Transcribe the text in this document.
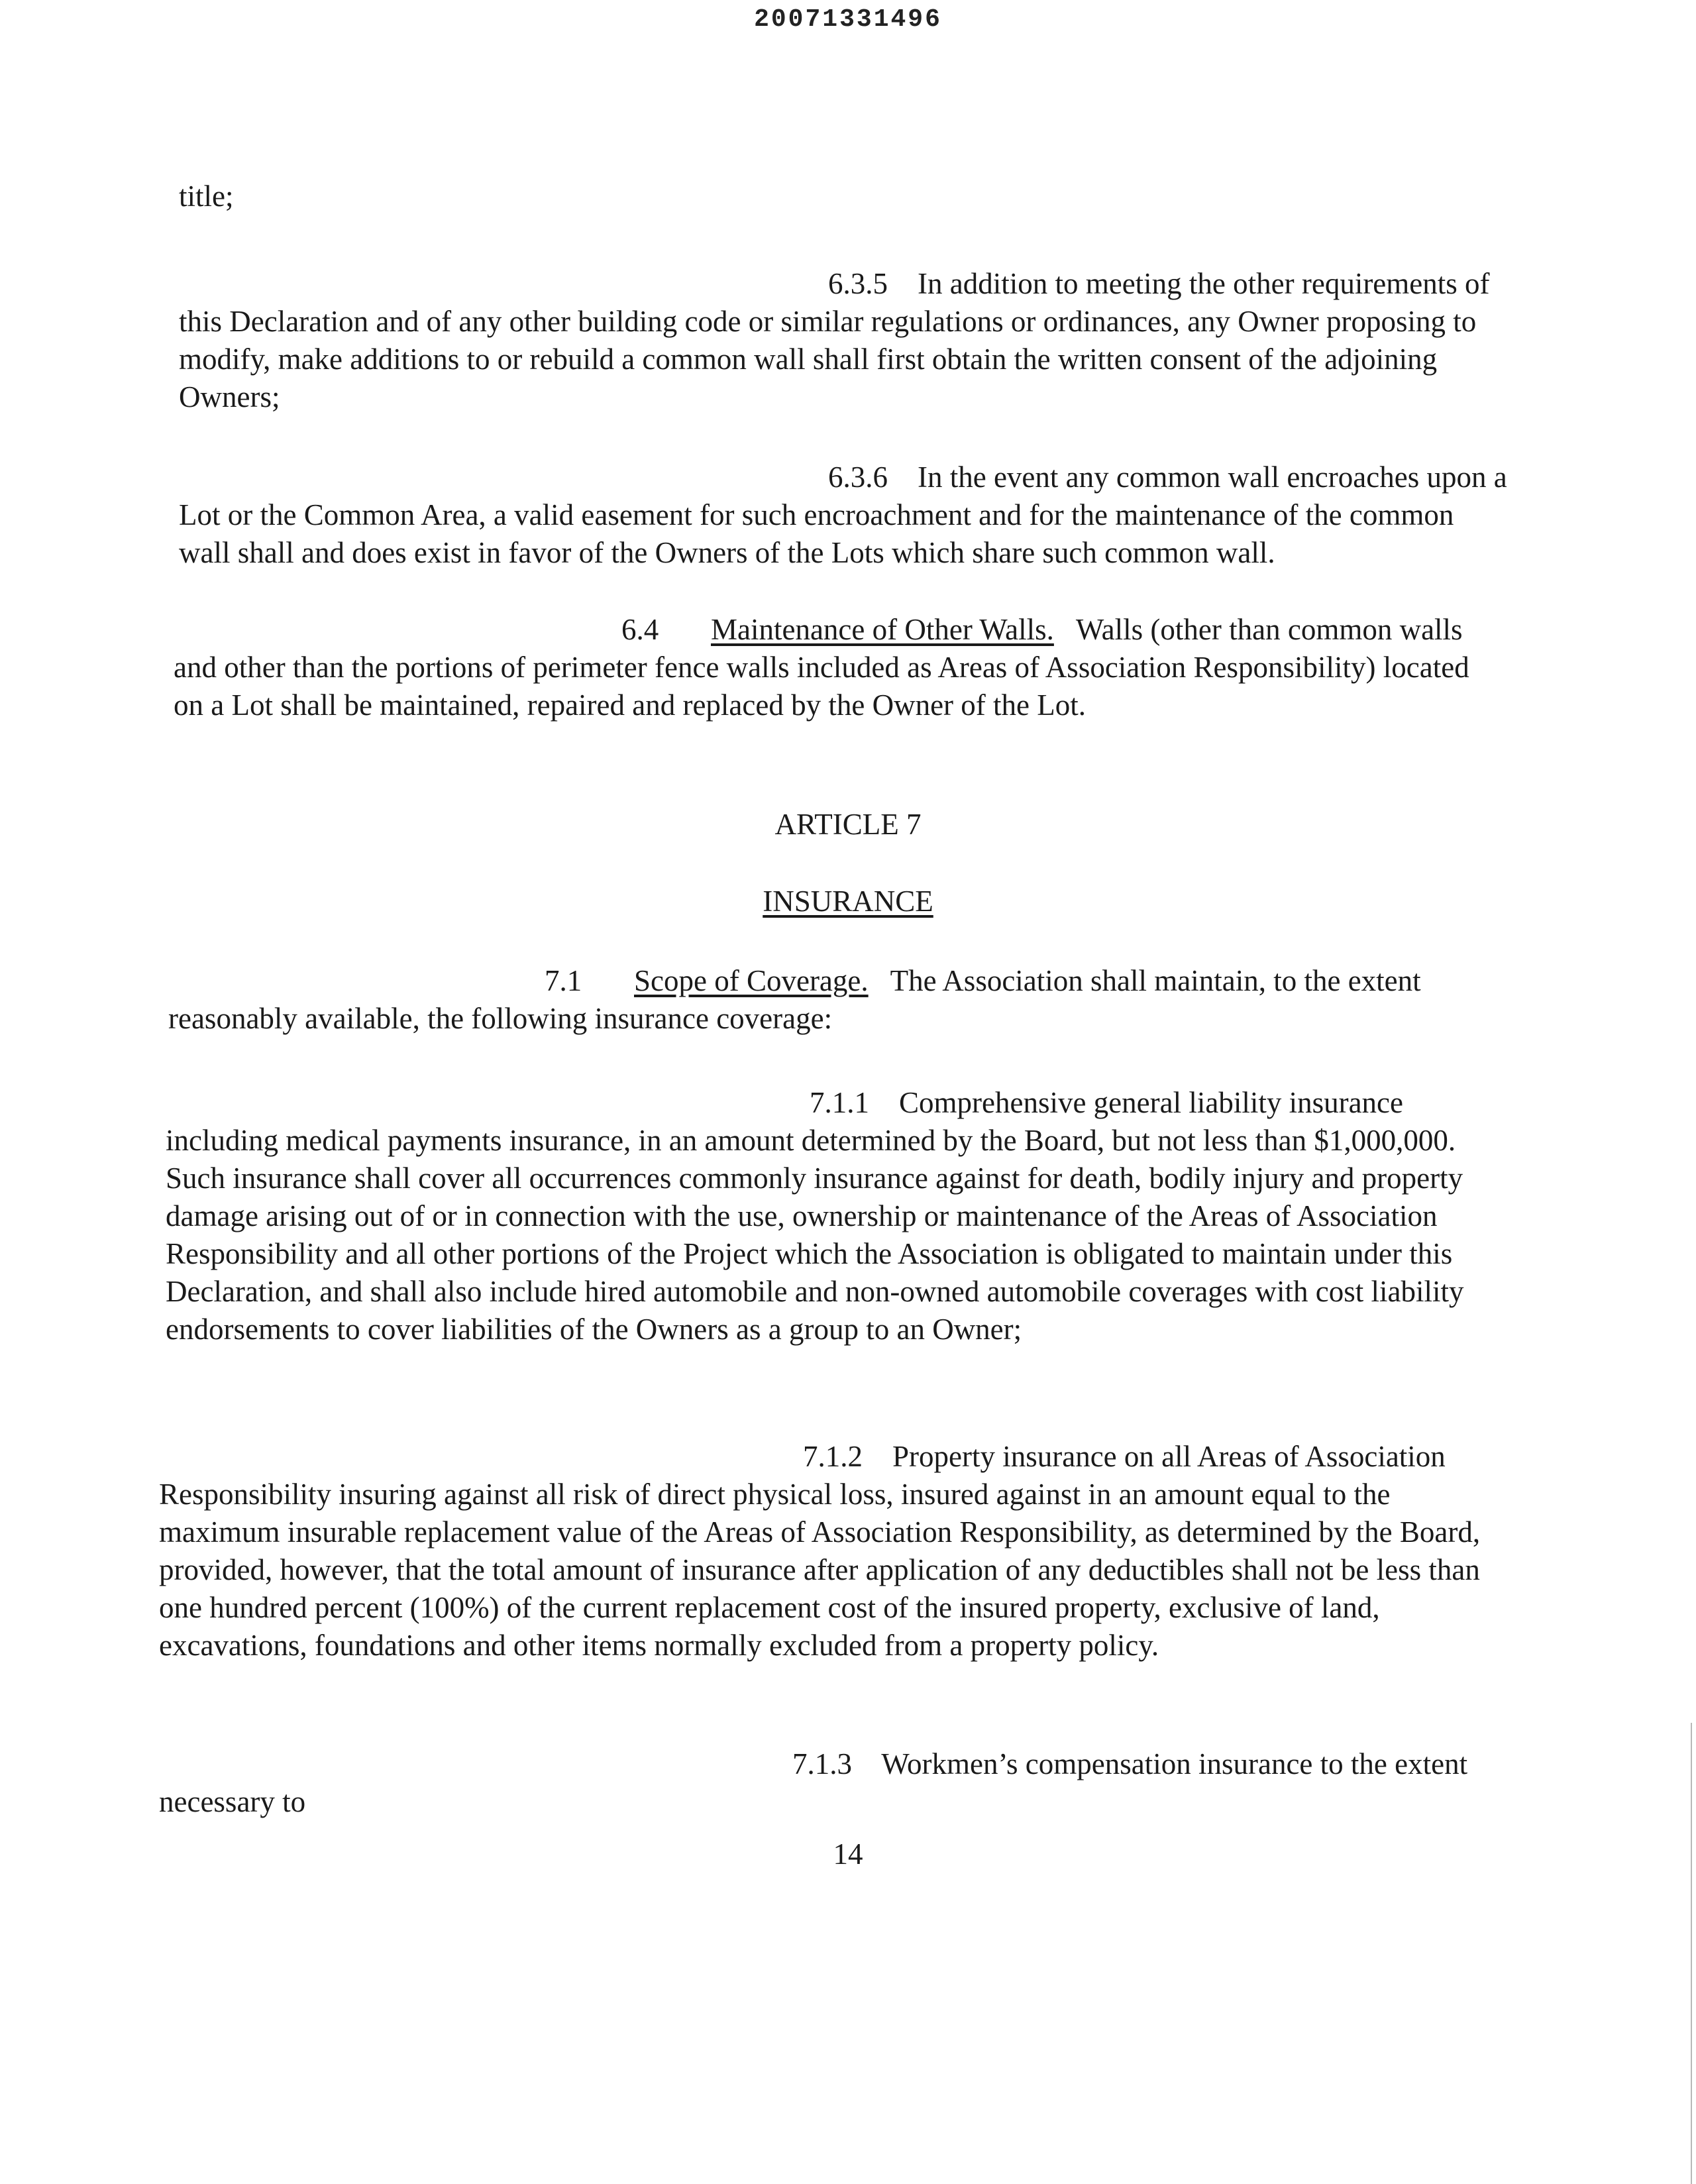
20071331496
title;
6.3.5 In addition to meeting the other requirements of this Declaration and of any other building code or similar regulations or ordinances, any Owner proposing to modify, make additions to or rebuild a common wall shall first obtain the written consent of the adjoining Owners;
6.3.6 In the event any common wall encroaches upon a Lot or the Common Area, a valid easement for such encroachment and for the maintenance of the common wall shall and does exist in favor of the Owners of the Lots which share such common wall.
6.4 Maintenance of Other Walls. Walls (other than common walls and other than the portions of perimeter fence walls included as Areas of Association Responsibility) located on a Lot shall be maintained, repaired and replaced by the Owner of the Lot.
ARTICLE 7
INSURANCE
7.1 Scope of Coverage. The Association shall maintain, to the extent reasonably available, the following insurance coverage:
7.1.1 Comprehensive general liability insurance including medical payments insurance, in an amount determined by the Board, but not less than $1,000,000. Such insurance shall cover all occurrences commonly insurance against for death, bodily injury and property damage arising out of or in connection with the use, ownership or maintenance of the Areas of Association Responsibility and all other portions of the Project which the Association is obligated to maintain under this Declaration, and shall also include hired automobile and non-owned automobile coverages with cost liability endorsements to cover liabilities of the Owners as a group to an Owner;
7.1.2 Property insurance on all Areas of Association Responsibility insuring against all risk of direct physical loss, insured against in an amount equal to the maximum insurable replacement value of the Areas of Association Responsibility, as determined by the Board, provided, however, that the total amount of insurance after application of any deductibles shall not be less than one hundred percent (100%) of the current replacement cost of the insured property, exclusive of land, excavations, foundations and other items normally excluded from a property policy.
7.1.3 Workmen’s compensation insurance to the extent necessary to
14
